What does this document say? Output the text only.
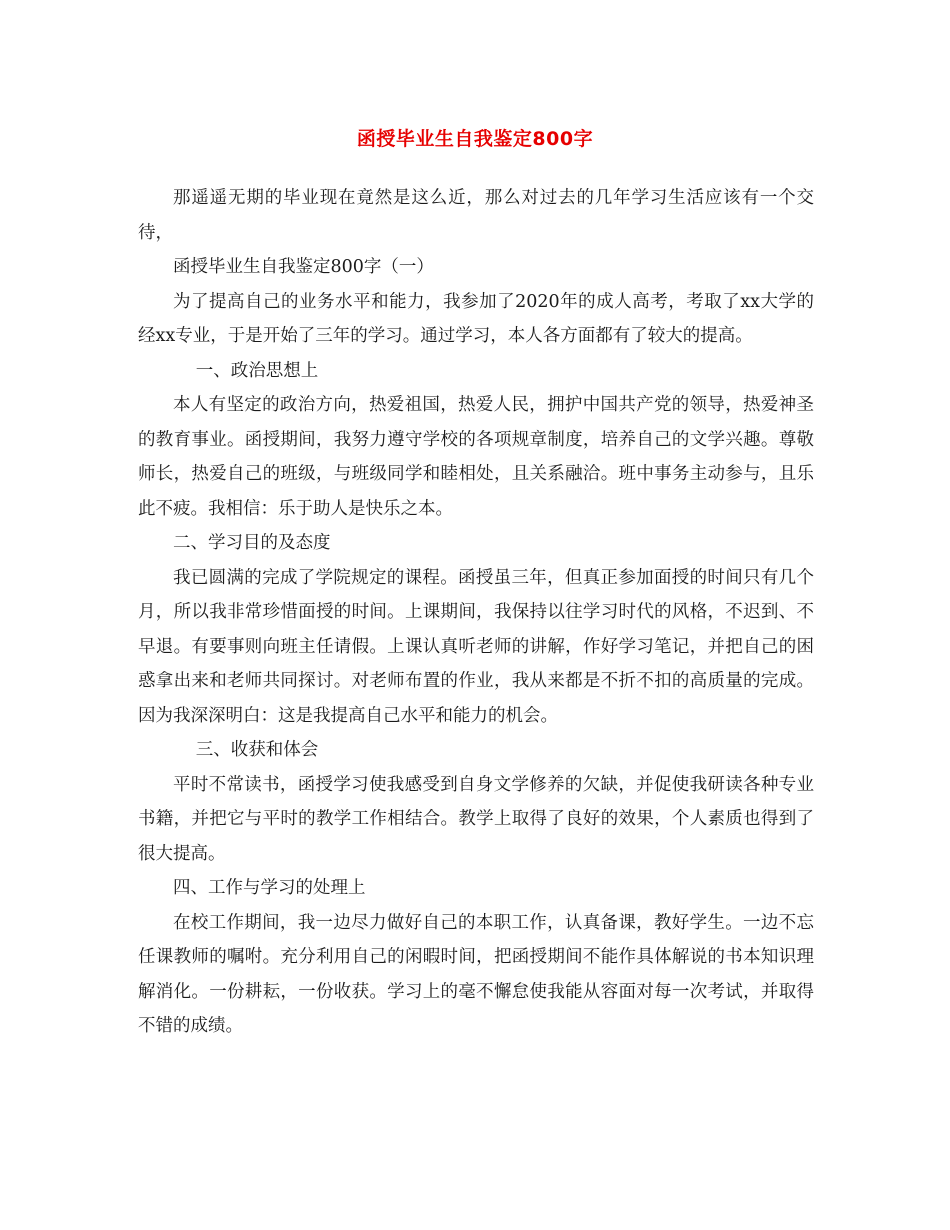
函授毕业生自我鉴定800字

那遥遥无期的毕业现在竟然是这么近，那么对过去的几年学习生活应该有一个交待，

函授毕业生自我鉴定800字（一）

为了提高自己的业务水平和能力，我参加了2020年的成人高考，考取了xx大学的经xx专业，于是开始了三年的学习。通过学习，本人各方面都有了较大的提高。

一、政治思想上

本人有坚定的政治方向，热爱祖国，热爱人民，拥护中国共产党的领导，热爱神圣的教育事业。函授期间，我努力遵守学校的各项规章制度，培养自己的文学兴趣。尊敬师长，热爱自己的班级，与班级同学和睦相处，且关系融洽。班中事务主动参与，且乐此不疲。我相信：乐于助人是快乐之本。

二、学习目的及态度

我已圆满的完成了学院规定的课程。函授虽三年，但真正参加面授的时间只有几个月，所以我非常珍惜面授的时间。上课期间，我保持以往学习时代的风格，不迟到、不早退。有要事则向班主任请假。上课认真听老师的讲解，作好学习笔记，并把自己的困惑拿出来和老师共同探讨。对老师布置的作业，我从来都是不折不扣的高质量的完成。因为我深深明白：这是我提高自己水平和能力的机会。

三、收获和体会

平时不常读书，函授学习使我感受到自身文学修养的欠缺，并促使我研读各种专业书籍，并把它与平时的教学工作相结合。教学上取得了良好的效果，个人素质也得到了很大提高。

四、工作与学习的处理上

在校工作期间，我一边尽力做好自己的本职工作，认真备课，教好学生。一边不忘任课教师的嘱咐。充分利用自己的闲暇时间，把函授期间不能作具体解说的书本知识理解消化。一份耕耘，一份收获。学习上的毫不懈怠使我能从容面对每一次考试，并取得不错的成绩。
